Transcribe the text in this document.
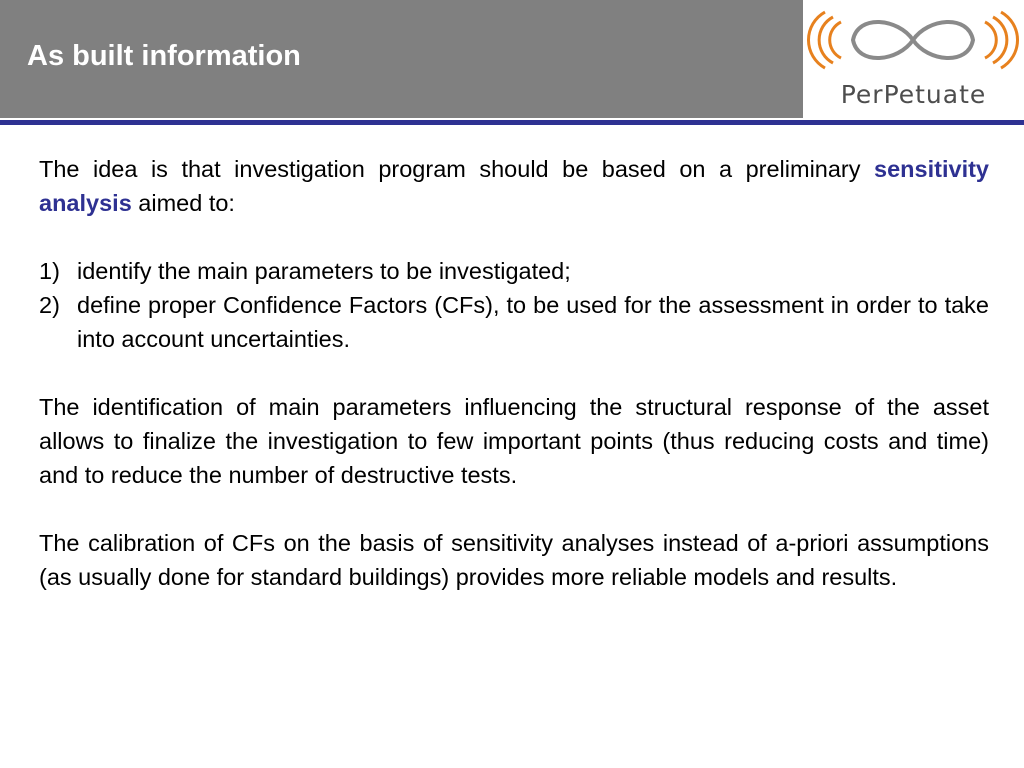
As built information
PerPetuate

The idea is that investigation program should be based on a preliminary sensitivity analysis aimed to:

1) identify the main parameters to be investigated;
2) define proper Confidence Factors (CFs), to be used for the assessment in order to take into account uncertainties.

The identification of main parameters influencing the structural response of the asset allows to finalize the investigation to few important points (thus reducing costs and time) and to reduce the number of destructive tests.

The calibration of CFs on the basis of sensitivity analyses instead of a-priori assumptions (as usually done for standard buildings) provides more reliable models and results.
